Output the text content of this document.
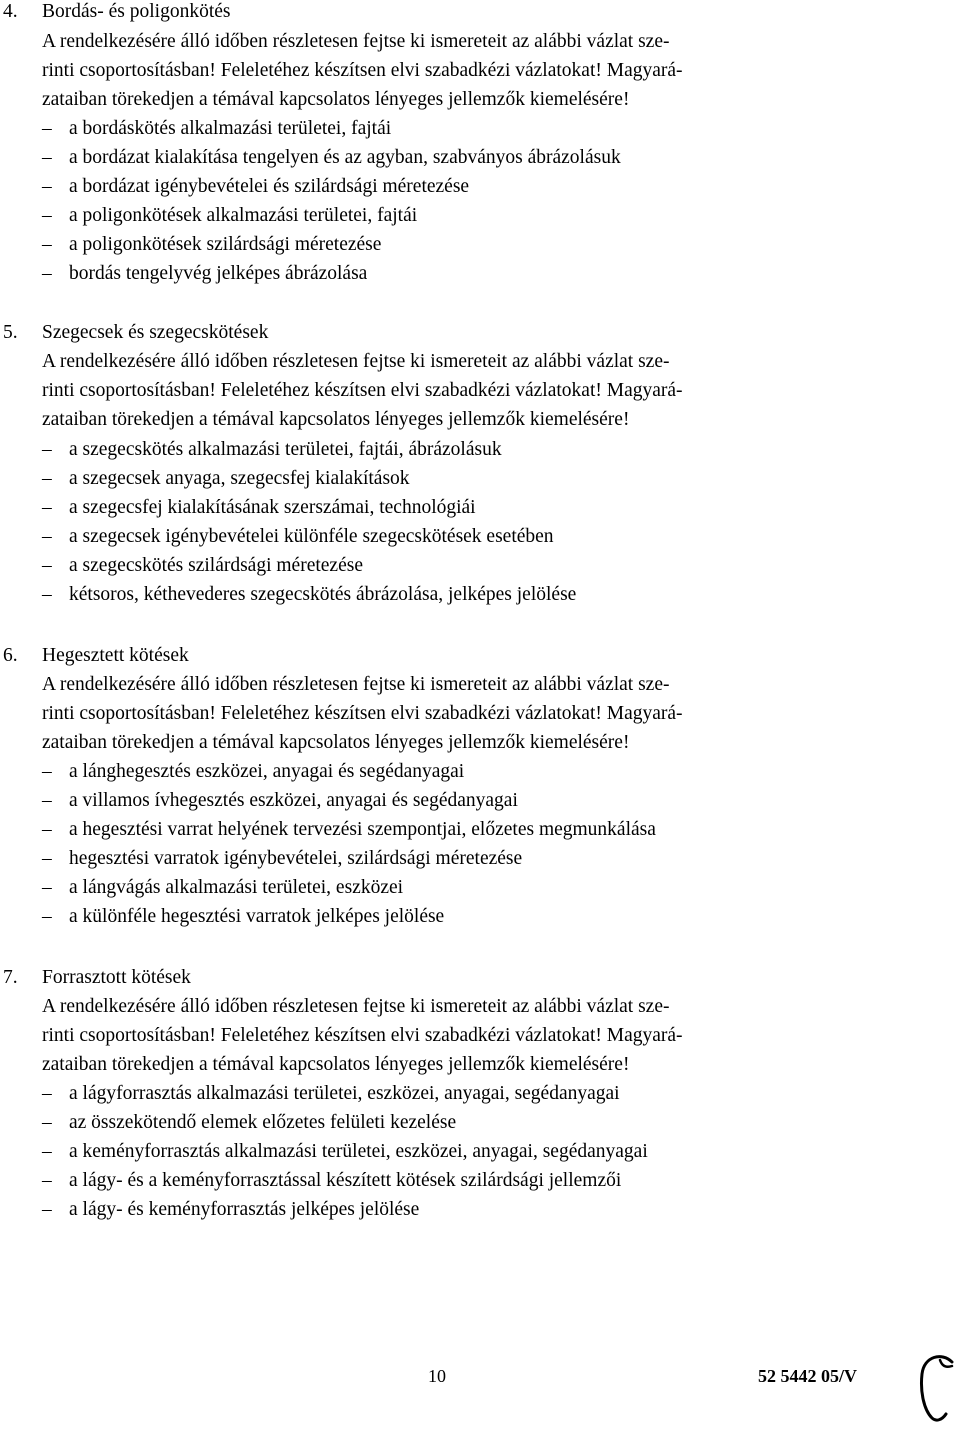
4. Bordás- és poligonkötés
A rendelkezésére álló időben részletesen fejtse ki ismereteit az alábbi vázlat sze-
rinti csoportosításban! Feleletéhez készítsen elvi szabadkézi vázlatokat! Magyará-
zataiban törekedjen a témával kapcsolatos lényeges jellemzők kiemelésére!
– a bordáskötés alkalmazási területei, fajtái
– a bordázat kialakítása tengelyen és az agyban, szabványos ábrázolásuk
– a bordázat igénybevételei és szilárdsági méretezése
– a poligonkötések alkalmazási területei, fajtái
– a poligonkötések szilárdsági méretezése
– bordás tengelyvég jelképes ábrázolása
5. Szegecsek és szegecskötések
A rendelkezésére álló időben részletesen fejtse ki ismereteit az alábbi vázlat sze-
rinti csoportosításban! Feleletéhez készítsen elvi szabadkézi vázlatokat! Magyará-
zataiban törekedjen a témával kapcsolatos lényeges jellemzők kiemelésére!
– a szegecskötés alkalmazási területei, fajtái, ábrázolásuk
– a szegecsek anyaga, szegecsfej kialakítások
– a szegecsfej kialakításának szerszámai, technológiái
– a szegecsek igénybevételei különféle szegecskötések esetében
– a szegecskötés szilárdsági méretezése
– kétsoros, kéthevederes szegecskötés ábrázolása, jelképes jelölése
6. Hegesztett kötések
A rendelkezésére álló időben részletesen fejtse ki ismereteit az alábbi vázlat sze-
rinti csoportosításban! Feleletéhez készítsen elvi szabadkézi vázlatokat! Magyará-
zataiban törekedjen a témával kapcsolatos lényeges jellemzők kiemelésére!
– a lánghegesztés eszközei, anyagai és segédanyagai
– a villamos ívhegesztés eszközei, anyagai és segédanyagai
– a hegesztési varrat helyének tervezési szempontjai, előzetes megmunkálása
– hegesztési varratok igénybevételei, szilárdsági méretezése
– a lángvágás alkalmazási területei, eszközei
– a különféle hegesztési varratok jelképes jelölése
7. Forrasztott kötések
A rendelkezésére álló időben részletesen fejtse ki ismereteit az alábbi vázlat sze-
rinti csoportosításban! Feleletéhez készítsen elvi szabadkézi vázlatokat! Magyará-
zataiban törekedjen a témával kapcsolatos lényeges jellemzők kiemelésére!
– a lágyforrasztás alkalmazási területei, eszközei, anyagai, segédanyagai
– az összekötendő elemek előzetes felületi kezelése
– a keményforrasztás alkalmazási területei, eszközei, anyagai, segédanyagai
– a lágy- és a keményforrasztással készített kötések szilárdsági jellemzői
– a lágy- és keményforrasztás jelképes jelölése
10	52 5442 05/V
